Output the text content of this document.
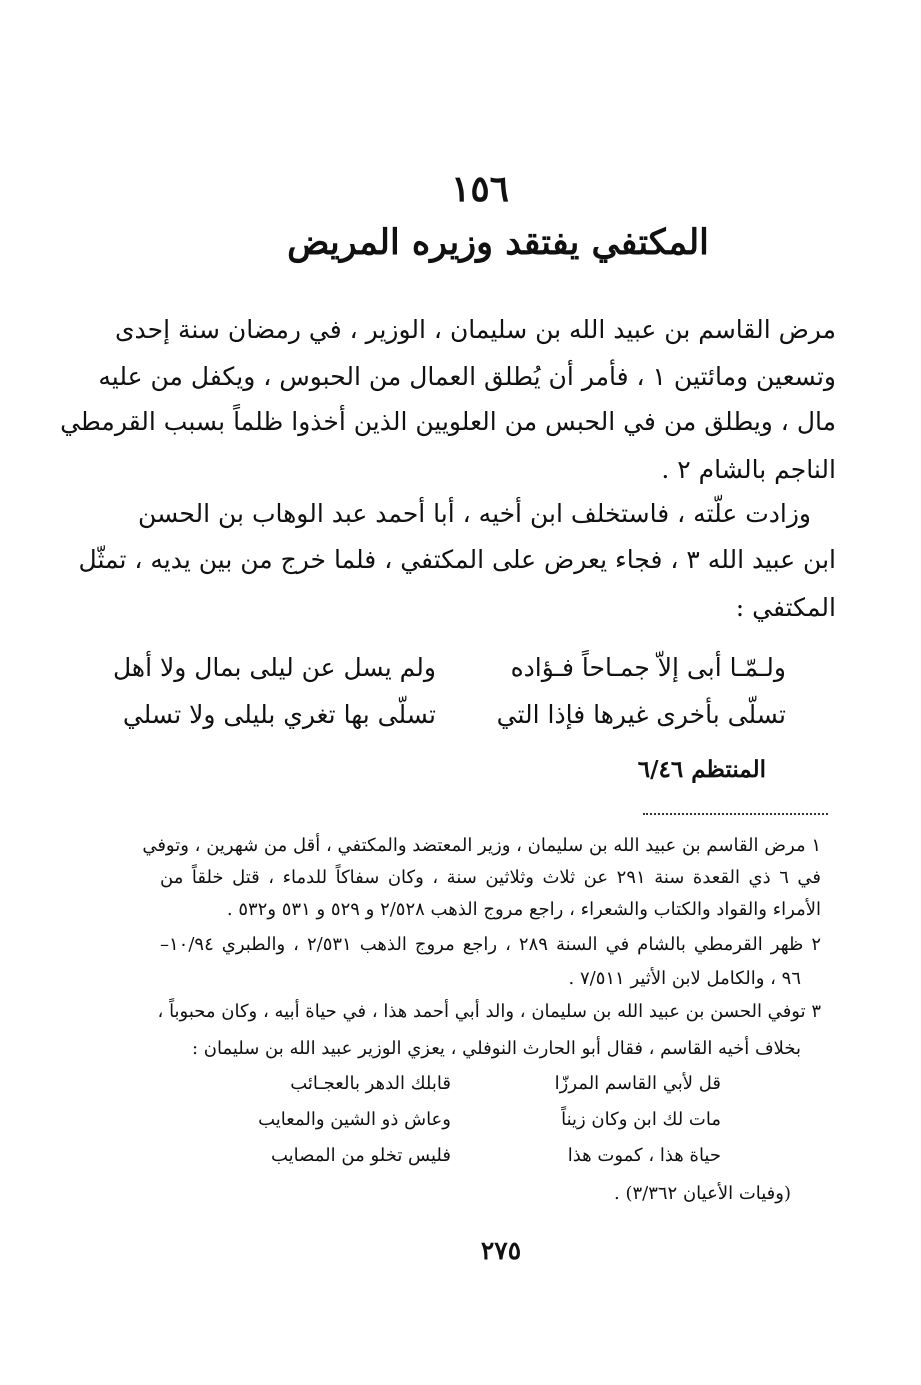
١٥٦
المكتفي يفتقد وزيره المريض
مرض القاسم بن عبيد الله بن سليمان ، الوزير ، في رمضان سنة إحدى
وتسعين ومائتين ١ ، فأمر أن يُطلق العمال من الحبوس ، ويكفل من عليه
مال ، ويطلق من في الحبس من العلويين الذين أخذوا ظلماً بسبب القرمطي
الناجم بالشام ٢ .
وزادت علّته ، فاستخلف ابن أخيه ، أبا أحمد عبد الوهاب بن الحسن
ابن عبيد الله ٣ ، فجاء يعرض على المكتفي ، فلما خرج من بين يديه ، تمثّل
المكتفي :
ولـمّـا أبى إلاّ جمـاحاً فـؤاده
ولم يسل عن ليلى بمال ولا أهل
تسلّى بأخرى غيرها فإذا التي
تسلّى بها تغري بليلى ولا تسلي
المنتظم ٦/٤٦
١ مرض القاسم بن عبيد الله بن سليمان ، وزير المعتضد والمكتفي ، أقل من شهرين ، وتوفي
في ٦ ذي القعدة سنة ٢٩١ عن ثلاث وثلاثين سنة ، وكان سفاكاً للدماء ، قتل خلقاً من
الأمراء والقواد والكتاب والشعراء ، راجع مروج الذهب ٢/٥٢٨ و ٥٢٩ و ٥٣١ و٥٣٢ .
٢ ظهر القرمطي بالشام في السنة ٢٨٩ ، راجع مروج الذهب ٢/٥٣١ ، والطبري ١٠/٩٤–
٩٦ ، والكامل لابن الأثير ٧/٥١١ .
٣ توفي الحسن بن عبيد الله بن سليمان ، والد أبي أحمد هذا ، في حياة أبيه ، وكان محبوباً ،
بخلاف أخيه القاسم ، فقال أبو الحارث النوفلي ، يعزي الوزير عبيد الله بن سليمان :
قل لأبي القاسم المرزّا
قابلك الدهر بالعجـائب
مات لك ابن وكان زيناً
وعاش ذو الشين والمعايب
حياة هذا ، كموت هذا
فليس تخلو من المصايب
(وفيات الأعيان ٣/٣٦٢) .
٢٧٥
